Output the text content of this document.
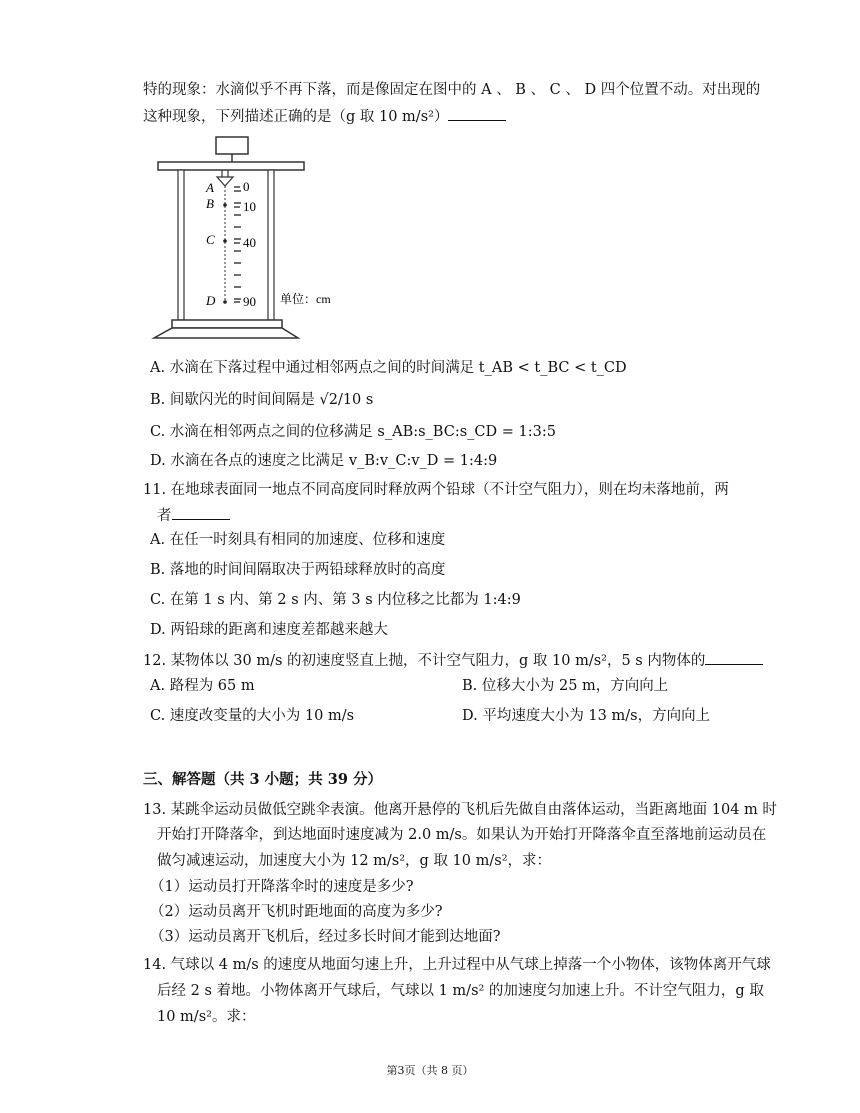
特的现象：水滴似乎不再下落，而是像固定在图中的 A 、 B 、 C 、 D 四个位置不动。对出现的
这种现象，下列描述正确的是（g 取 10 m/s²）
A
B
C
D
0
10
40
90 单位：cm
A. 水滴在下落过程中通过相邻两点之间的时间满足 t_AB < t_BC < t_CD
B. 间歇闪光的时间间隔是 √2/10 s
C. 水滴在相邻两点之间的位移满足 s_AB:s_BC:s_CD = 1:3:5
D. 水滴在各点的速度之比满足 v_B:v_C:v_D = 1:4:9
11. 在地球表面同一地点不同高度同时释放两个铅球（不计空气阻力），则在均未落地前，两
者
A. 在任一时刻具有相同的加速度、位移和速度
B. 落地的时间间隔取决于两铅球释放时的高度
C. 在第 1 s 内、第 2 s 内、第 3 s 内位移之比都为 1:4:9
D. 两铅球的距离和速度差都越来越大
12. 某物体以 30 m/s 的初速度竖直上抛，不计空气阻力，g 取 10 m/s²，5 s 内物体的
A. 路程为 65 m	B. 位移大小为 25 m，方向向上
C. 速度改变量的大小为 10 m/s	D. 平均速度大小为 13 m/s，方向向上
三、解答题（共 3 小题；共 39 分）
13. 某跳伞运动员做低空跳伞表演。他离开悬停的飞机后先做自由落体运动，当距离地面 104 m 时
开始打开降落伞，到达地面时速度减为 2.0 m/s。如果认为开始打开降落伞直至落地前运动员在
做匀减速运动，加速度大小为 12 m/s²，g 取 10 m/s²，求：
（1）运动员打开降落伞时的速度是多少?
（2）运动员离开飞机时距地面的高度为多少?
（3）运动员离开飞机后，经过多长时间才能到达地面?
14. 气球以 4 m/s 的速度从地面匀速上升，上升过程中从气球上掉落一个小物体，该物体离开气球
后经 2 s 着地。小物体离开气球后，气球以 1 m/s² 的加速度匀加速上升。不计空气阻力，g 取
10 m/s²。求：
第3页（共 8 页）
